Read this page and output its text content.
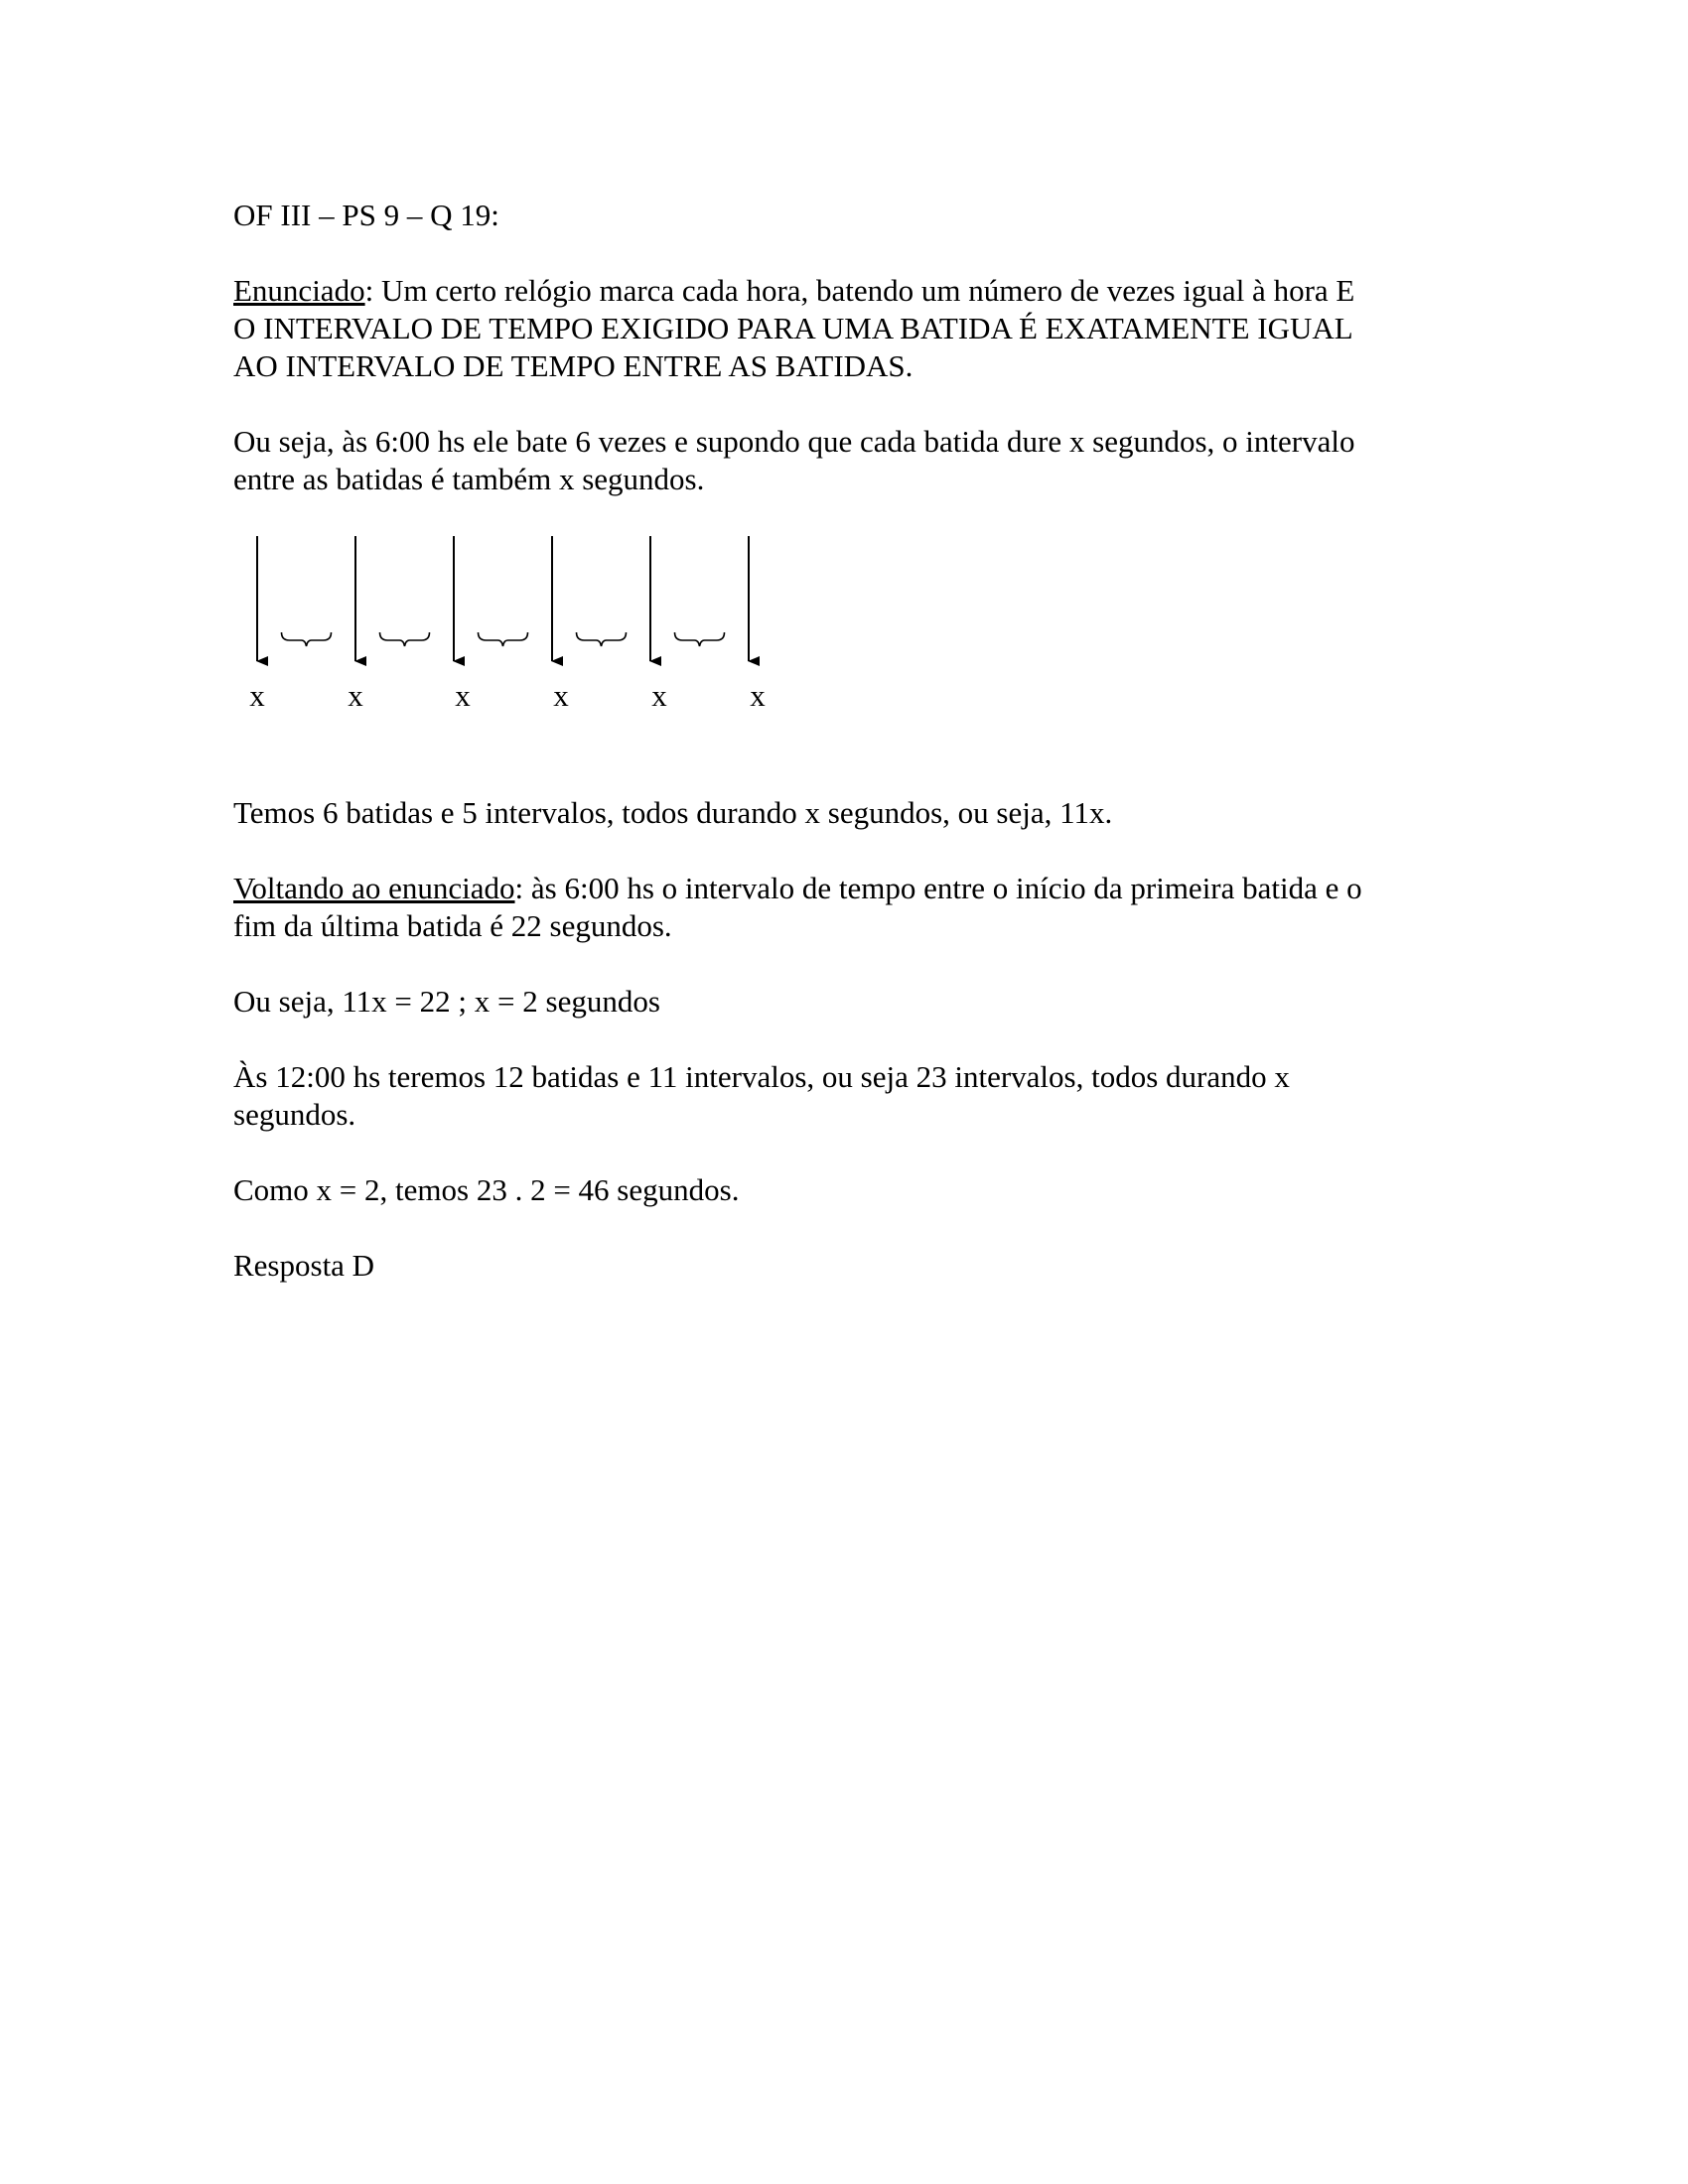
OF III – PS 9 – Q 19:
Enunciado: Um certo relógio marca cada hora, batendo um número de vezes igual à hora E
O INTERVALO DE TEMPO EXIGIDO PARA UMA BATIDA É EXATAMENTE IGUAL
AO INTERVALO DE TEMPO ENTRE AS BATIDAS.
Ou seja, às 6:00 hs ele bate 6 vezes e supondo que cada batida dure x segundos, o intervalo
entre as batidas é também x segundos.
x	x	x	x	x	x
Temos 6 batidas e 5 intervalos, todos durando x segundos, ou seja, 11x.
Voltando ao enunciado: às 6:00 hs o intervalo de tempo entre o início da primeira batida e o
fim da última batida é 22 segundos.
Ou seja, 11x = 22 ; x = 2 segundos
Às 12:00 hs teremos 12 batidas e 11 intervalos, ou seja 23 intervalos, todos durando x
segundos.
Como x = 2, temos 23 . 2 = 46 segundos.
Resposta D
